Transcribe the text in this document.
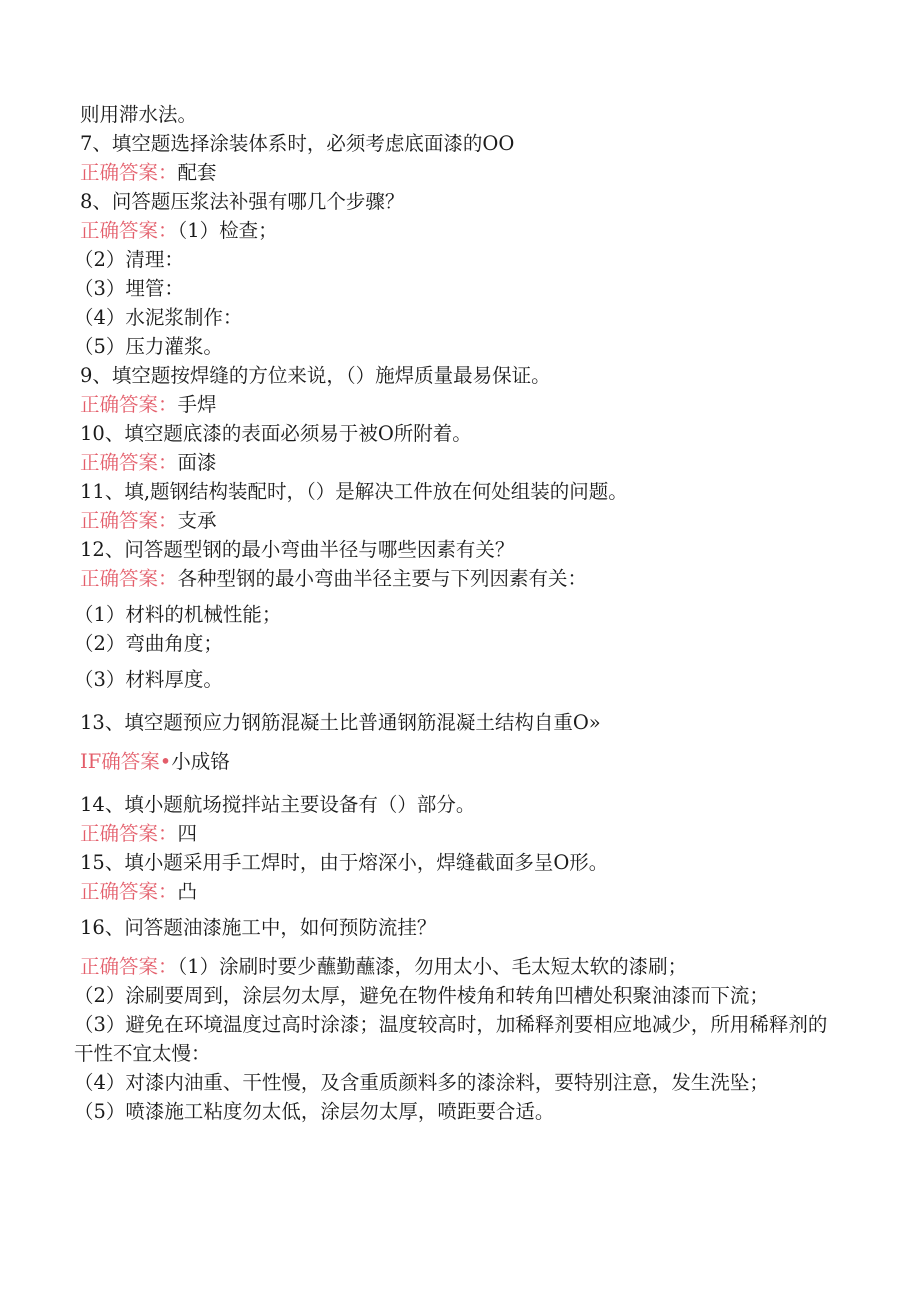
则用滞水法。
7、填空题选择涂装体系时，必须考虑底面漆的OO
正确答案：配套
8、问答题压浆法补强有哪几个步骤？
正确答案：（1）检查；
（2）清理：
（3）埋管：
（4）水泥浆制作：
（5）压力灌浆。
9、填空题按焊缝的方位来说，（）施焊质量最易保证。
正确答案：手焊
10、填空题底漆的表面必须易于被O所附着。
正确答案：面漆
11、填,题钢结构装配时，（）是解决工件放在何处组装的问题。
正确答案：支承
12、问答题型钢的最小弯曲半径与哪些因素有关？
正确答案：各种型钢的最小弯曲半径主要与下列因素有关：
（1）材料的机械性能；
（2）弯曲角度；
（3）材料厚度。
13、填空题预应力钢筋混凝土比普通钢筋混凝土结构自重O»
IF确答案•小成铬
14、填小题航场搅拌站主要设备有（）部分。
正确答案：四
15、填小题采用手工焊时，由于熔深小，焊缝截面多呈O形。
正确答案：凸
16、问答题油漆施工中，如何预防流挂？
正确答案：（1）涂刷时要少蘸勤蘸漆，勿用太小、毛太短太软的漆刷；
（2）涂刷要周到，涂层勿太厚，避免在物件棱角和转角凹槽处积聚油漆而下流；
（3）避免在环境温度过高时涂漆；温度较高时，加稀释剂要相应地减少，所用稀释剂的干性不宜太慢：
（4）对漆内油重、干性慢，及含重质颜料多的漆涂料，要特别注意，发生洗坠；
（5）喷漆施工粘度勿太低，涂层勿太厚，喷距要合适。
